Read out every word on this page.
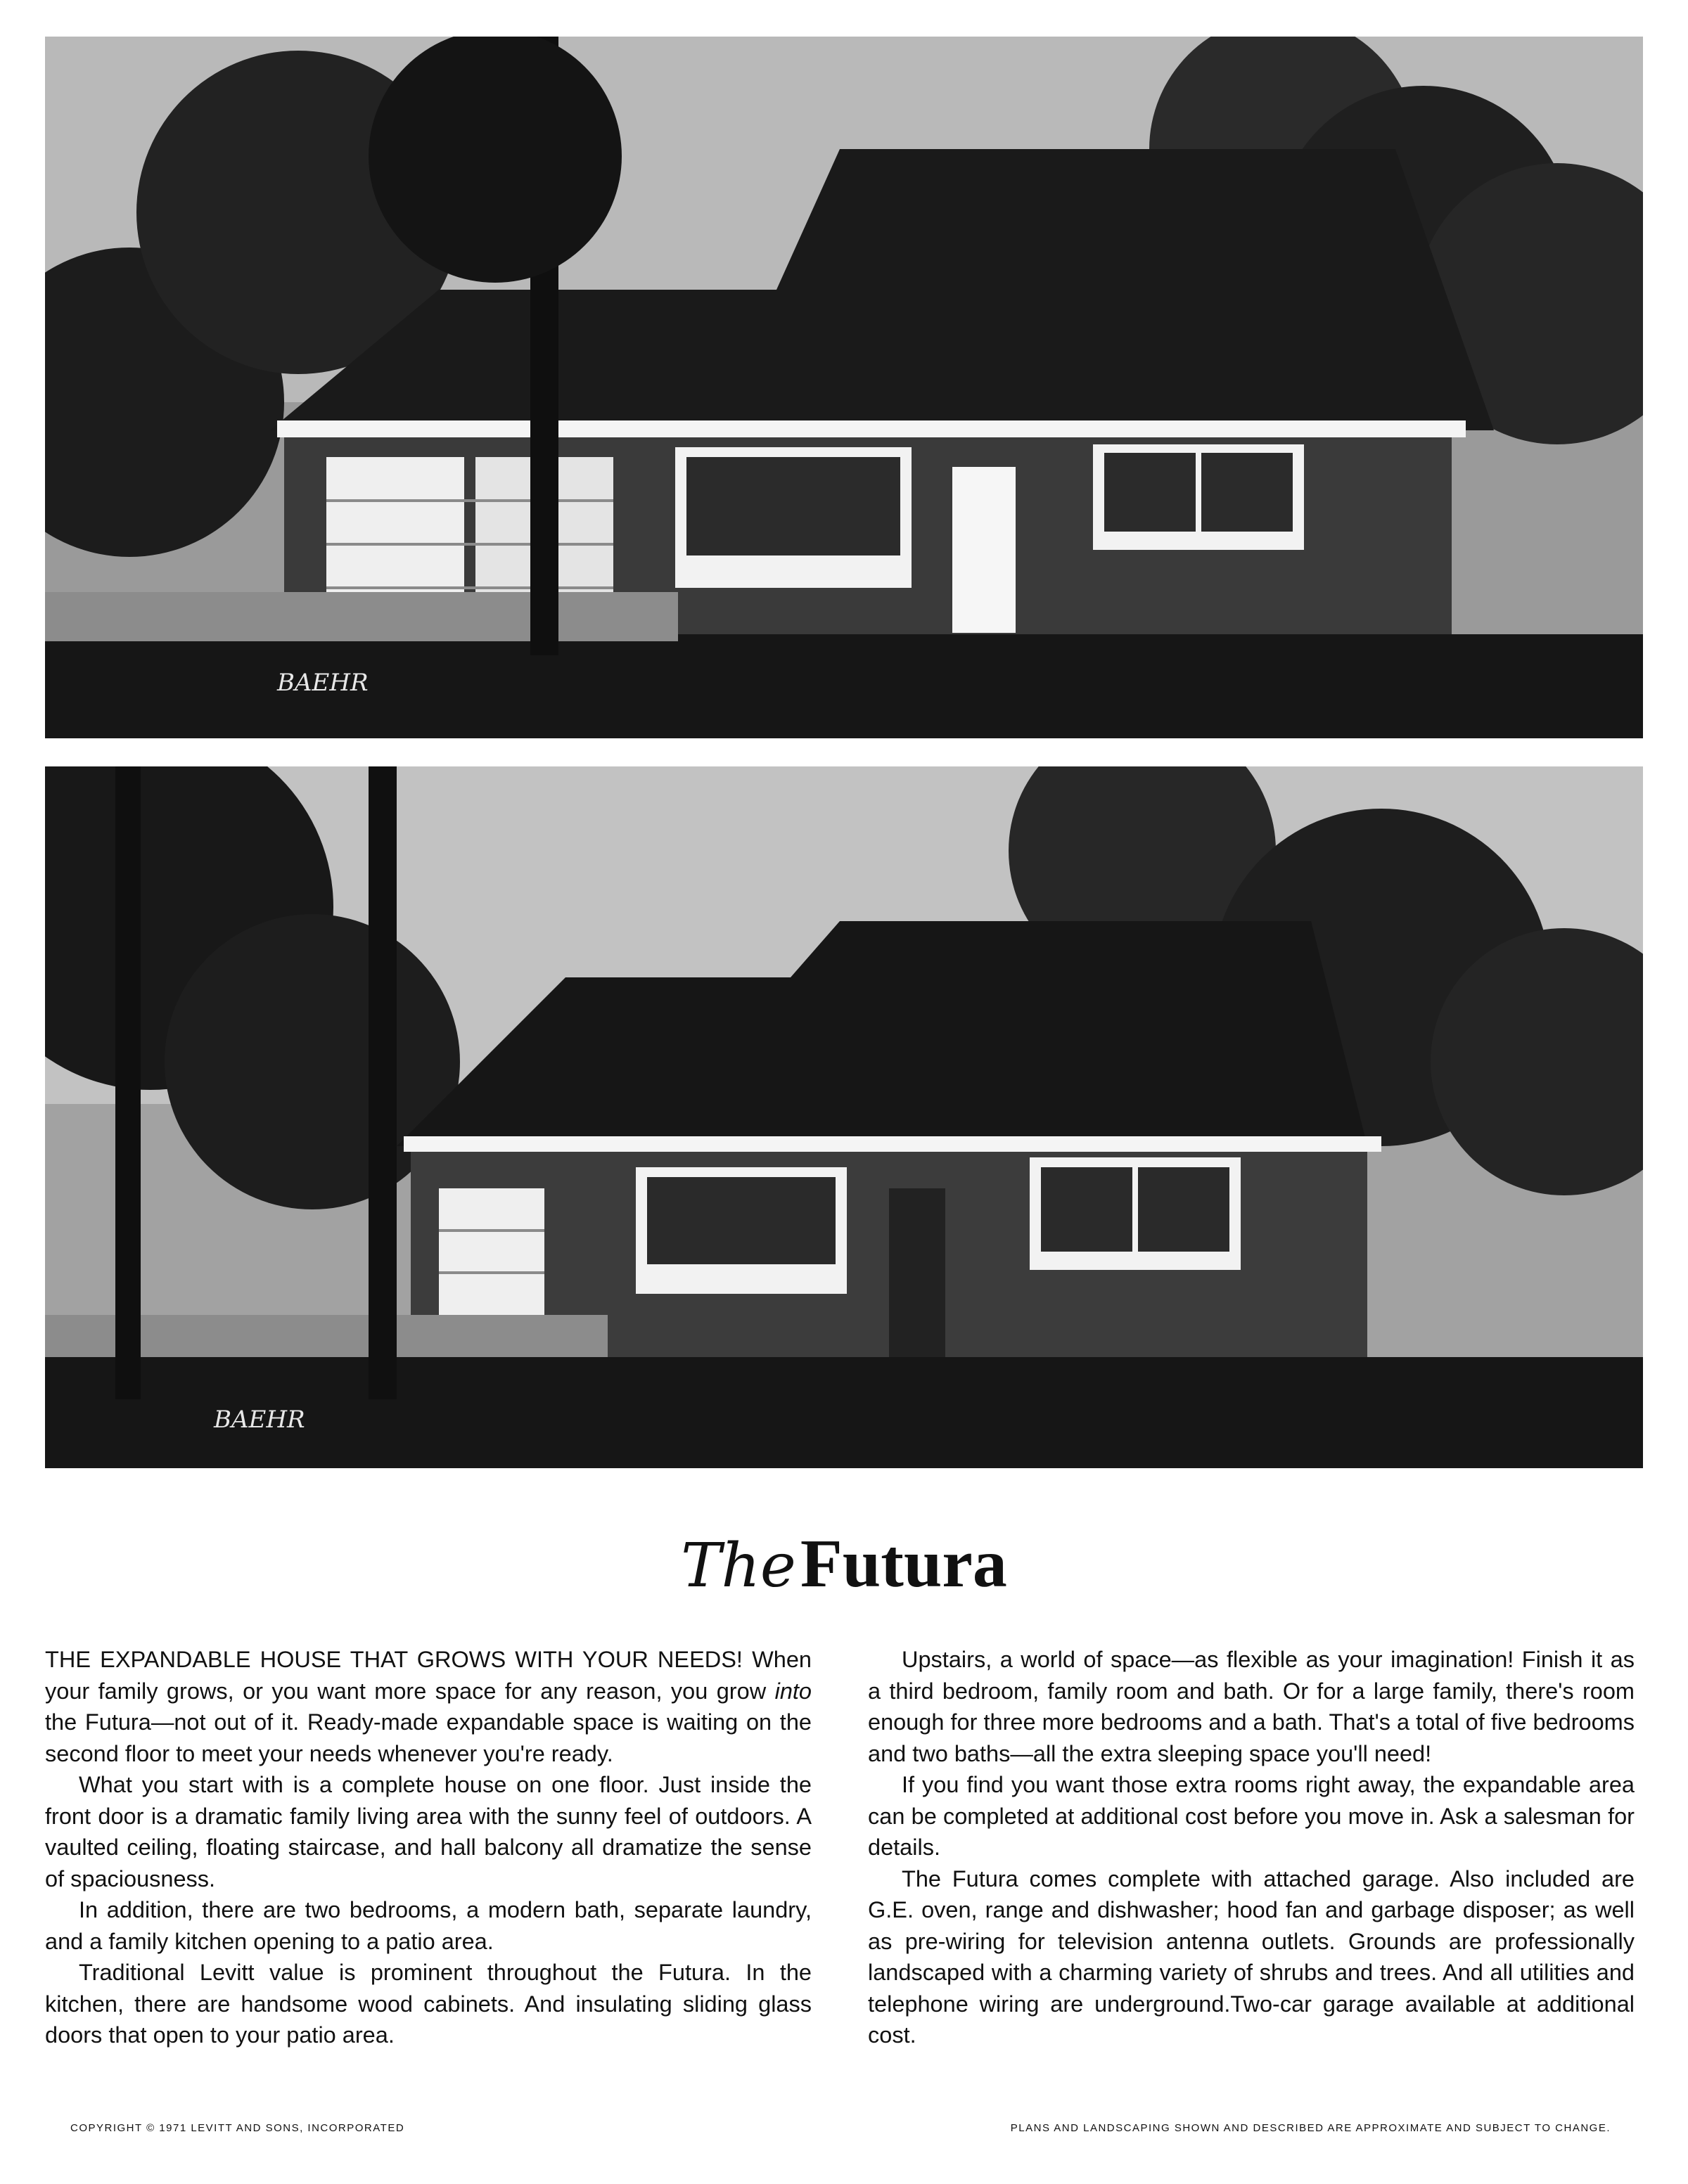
BAEHR
BAEHR
TheFutura

THE EXPANDABLE HOUSE THAT GROWS WITH YOUR NEEDS! When your family grows, or you want more space for any reason, you grow into the Futura—not out of it. Ready-made expandable space is waiting on the second floor to meet your needs whenever you're ready.

What you start with is a complete house on one floor. Just inside the front door is a dramatic family living area with the sunny feel of outdoors. A vaulted ceiling, floating staircase, and hall balcony all dramatize the sense of spaciousness.

In addition, there are two bedrooms, a modern bath, separate laundry, and a family kitchen opening to a patio area.

Traditional Levitt value is prominent throughout the Futura. In the kitchen, there are handsome wood cabinets. And insulating sliding glass doors that open to your patio area.

Upstairs, a world of space—as flexible as your imagination! Finish it as a third bedroom, family room and bath. Or for a large family, there's room enough for three more bedrooms and a bath. That's a total of five bedrooms and two baths—all the extra sleeping space you'll need!

If you find you want those extra rooms right away, the expandable area can be completed at additional cost before you move in. Ask a salesman for details.

The Futura comes complete with attached garage. Also included are G.E. oven, range and dishwasher; hood fan and garbage disposer; as well as pre-wiring for television antenna outlets. Grounds are professionally landscaped with a charming variety of shrubs and trees. And all utilities and telephone wiring are underground.Two-car garage available at additional cost.

COPYRIGHT © 1971 LEVITT AND SONS, INCORPORATED	PLANS AND LANDSCAPING SHOWN AND DESCRIBED ARE APPROXIMATE AND SUBJECT TO CHANGE.
